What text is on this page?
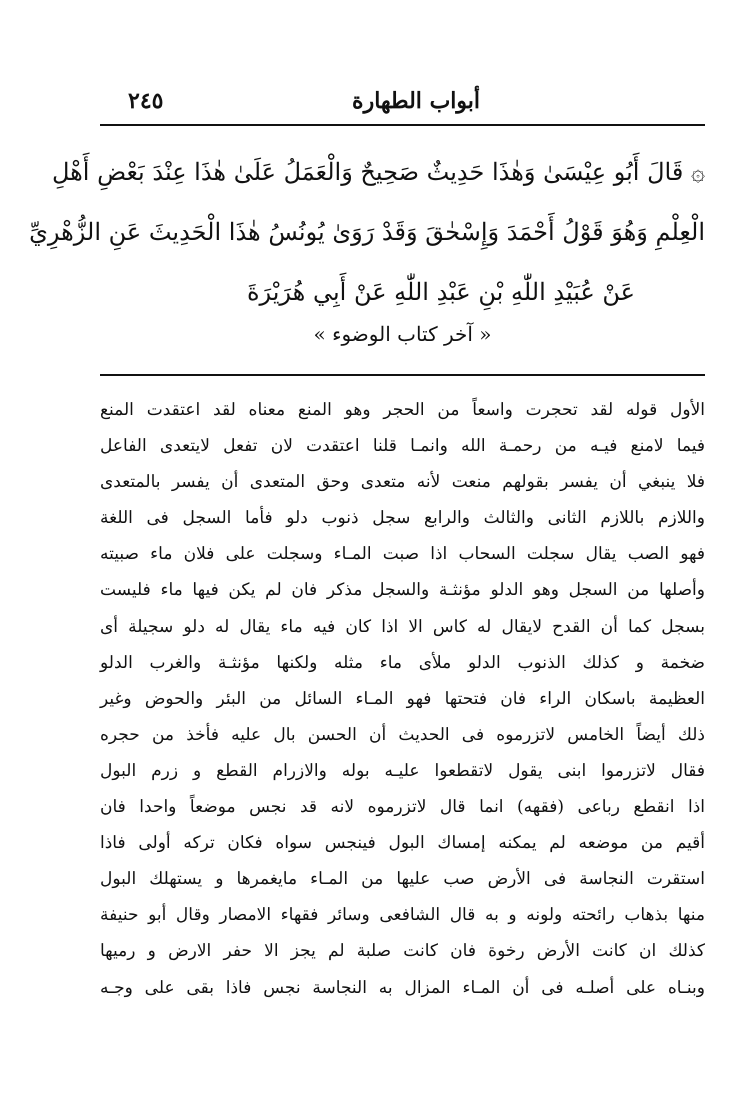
أبواب الطهارة
٢٤٥
۞ قَالَ أَبُو عِيْسَىٰ وَهٰذَا حَدِيثٌ صَحِيحٌ وَالْعَمَلُ عَلَىٰ هٰذَا عِنْدَ بَعْضِ أَهْلِ
الْعِلْمِ وَهُوَ قَوْلُ أَحْمَدَ وَإِسْحٰقَ وَقَدْ رَوَىٰ يُونُسُ هٰذَا الْحَدِيثَ عَنِ الزُّهْرِيِّ
عَنْ عُبَيْدِ اللّٰهِ بْنِ عَبْدِ اللّٰهِ عَنْ أَبِي هُرَيْرَةَ
« آخر كتاب الوضوء »
الأول قوله لقد تحجرت واسعاً من الحجر وهو المنع معناه لقد اعتقدت المنع
فيما لامنع فيـه من رحمـة الله وانمـا قلنا اعتقدت لان تفعل لايتعدى الفاعل
فلا ينبغي أن يفسر بقولهم منعت لأنه متعدى وحق المتعدى أن يفسر بالمتعدى
واللازم باللازم الثانى والثالث والرابع سجل ذنوب دلو فأما السجل فى اللغة
فهو الصب يقال سجلت السحاب اذا صبت المـاء وسجلت على فلان ماء صبيته
وأصلها من السجل وهو الدلو مؤنثـة والسجل مذكر فان لم يكن فيها ماء فليست
بسجل كما أن القدح لايقال له كاس الا اذا كان فيه ماء يقال له دلو سجيلة أى
ضخمة و كذلك الذنوب الدلو ملأى ماء مثله ولكنها مؤنثـة والغرب الدلو
العظيمة باسكان الراء فان فتحتها فهو المـاء السائل من البئر والحوض وغير
ذلك أيضاً الخامس لاتزرموه فى الحديث أن الحسن بال عليه فأخذ من حجره
فقال لاتزرموا ابنى يقول لاتقطعوا عليـه بوله والازرام القطع و زرم البول
اذا انقطع رباعى (فقهه) انما قال لاتزرموه لانه قد نجس موضعاً واحدا فان
أقيم من موضعه لم يمكنه إمساك البول فينجس سواه فكان تركه أولى فاذا
استقرت النجاسة فى الأرض صب عليها من المـاء مايغمرها و يستهلك البول
منها بذهاب رائحته ولونه و به قال الشافعى وسائر فقهاء الامصار وقال أبو حنيفة
كذلك ان كانت الأرض رخوة فان كانت صلبة لم يجز الا حفر الارض و رميها
وبنـاه على أصلـه فى أن المـاء المزال به النجاسة نجس فاذا بقى على وجـه
